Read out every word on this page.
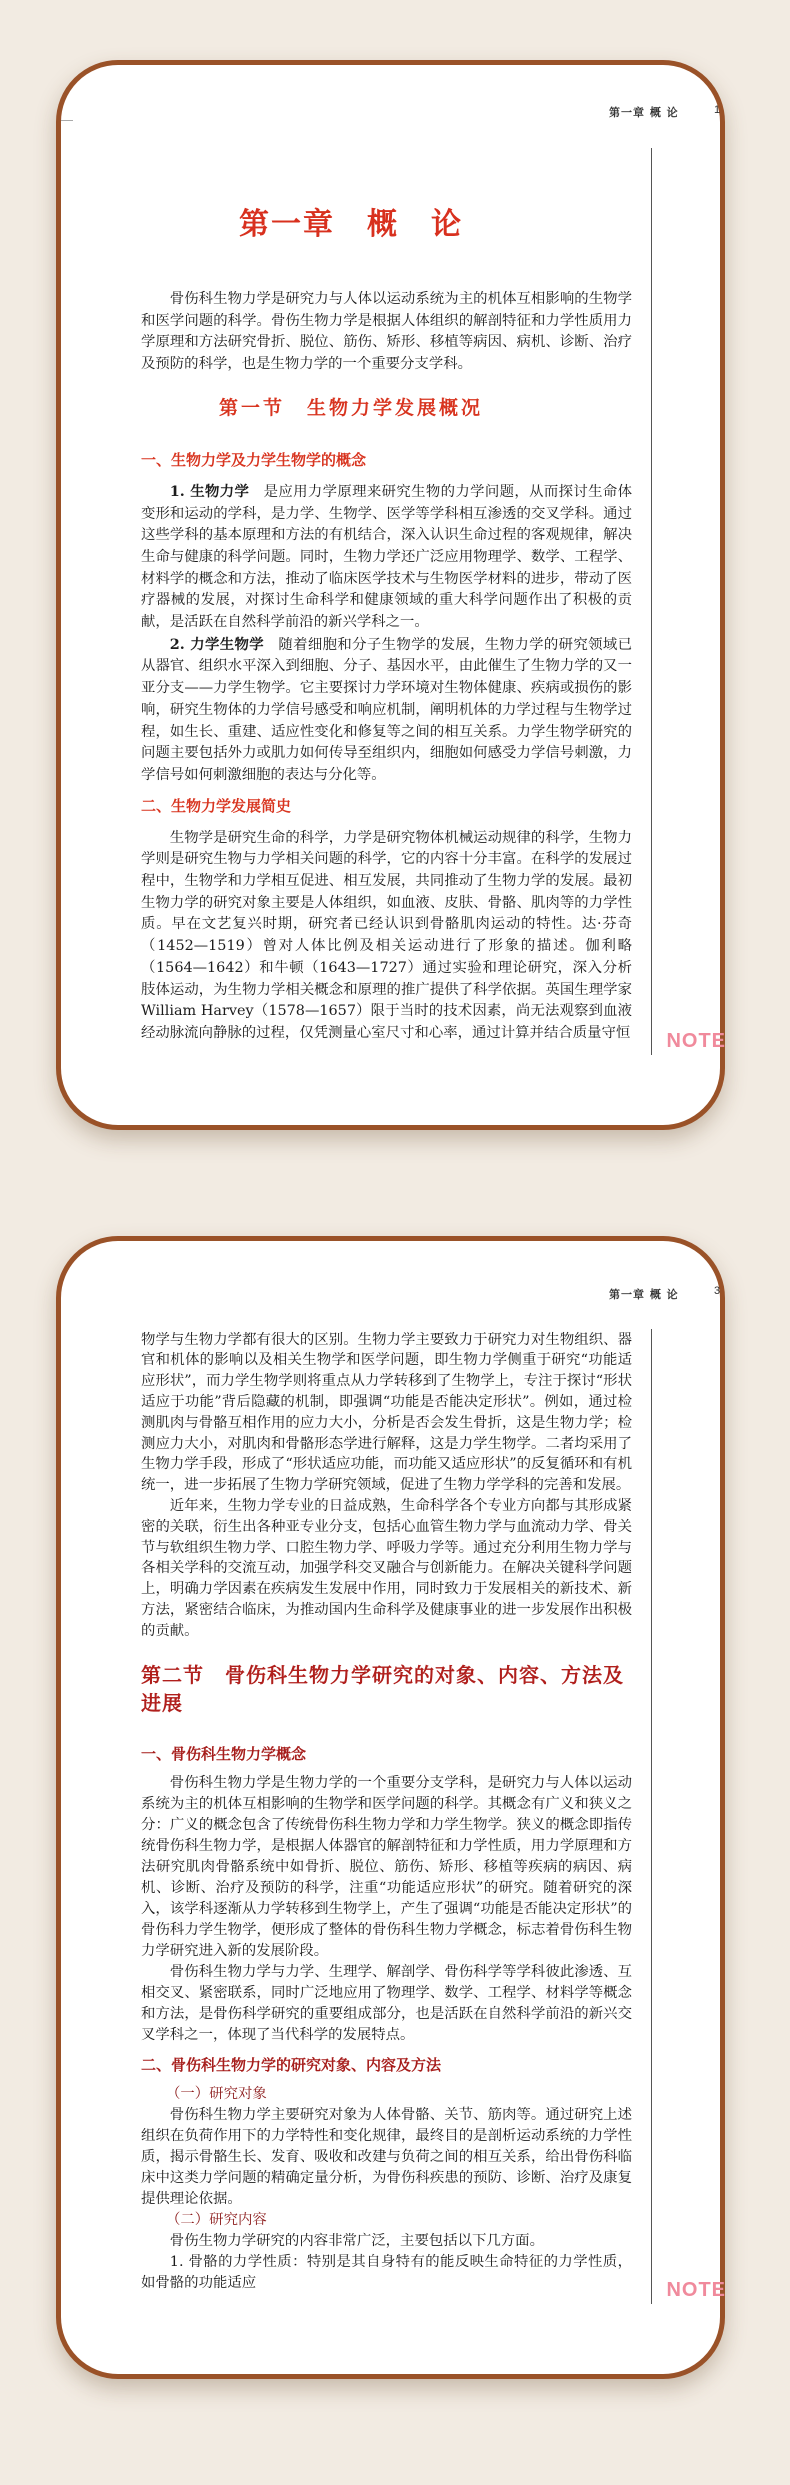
第一章 概 论	1
第一章　概　论

骨伤科生物力学是研究力与人体以运动系统为主的机体互相影响的生物学和医学问题的科学。骨伤生物力学是根据人体组织的解剖特征和力学性质用力学原理和方法研究骨折、脱位、筋伤、矫形、移植等病因、病机、诊断、治疗及预防的科学，也是生物力学的一个重要分支学科。

第一节　生物力学发展概况
一、生物力学及力学生物学的概念

1. 生物力学 是应用力学原理来研究生物的力学问题，从而探讨生命体变形和运动的学科，是力学、生物学、医学等学科相互渗透的交叉学科。通过这些学科的基本原理和方法的有机结合，深入认识生命过程的客观规律，解决生命与健康的科学问题。同时，生物力学还广泛应用物理学、数学、工程学、材料学的概念和方法，推动了临床医学技术与生物医学材料的进步，带动了医疗器械的发展，对探讨生命科学和健康领域的重大科学问题作出了积极的贡献，是活跃在自然科学前沿的新兴学科之一。

2. 力学生物学 随着细胞和分子生物学的发展，生物力学的研究领域已从器官、组织水平深入到细胞、分子、基因水平，由此催生了生物力学的又一亚分支——力学生物学。它主要探讨力学环境对生物体健康、疾病或损伤的影响，研究生物体的力学信号感受和响应机制，阐明机体的力学过程与生物学过程，如生长、重建、适应性变化和修复等之间的相互关系。力学生物学研究的问题主要包括外力或肌力如何传导至组织内，细胞如何感受力学信号刺激，力学信号如何刺激细胞的表达与分化等。

二、生物力学发展简史

生物学是研究生命的科学，力学是研究物体机械运动规律的科学，生物力学则是研究生物与力学相关问题的科学，它的内容十分丰富。在科学的发展过程中，生物学和力学相互促进、相互发展，共同推动了生物力学的发展。最初生物力学的研究对象主要是人体组织，如血液、皮肤、骨骼、肌肉等的力学性质。早在文艺复兴时期，研究者已经认识到骨骼肌肉运动的特性。达·芬奇（1452—1519）曾对人体比例及相关运动进行了形象的描述。伽利略（1564—1642）和牛顿（1643—1727）通过实验和理论研究，深入分析肢体运动，为生物力学相关概念和原理的推广提供了科学依据。英国生理学家 William Harvey（1578—1657）限于当时的技术因素，尚无法观察到血液经动脉流向静脉的过程，仅凭测量心室尺寸和心率，通过计算并结合质量守恒 NOTE
第一章 概 论	3

物学与生物力学都有很大的区别。生物力学主要致力于研究力对生物组织、器官和机体的影响以及相关生物学和医学问题，即生物力学侧重于研究“功能适应形状”，而力学生物学则将重点从力学转移到了生物学上，专注于探讨“形状适应于功能”背后隐藏的机制，即强调“功能是否能决定形状”。例如，通过检测肌肉与骨骼互相作用的应力大小，分析是否会发生骨折，这是生物力学；检测应力大小，对肌肉和骨骼形态学进行解释，这是力学生物学。二者均采用了生物力学手段，形成了“形状适应功能，而功能又适应形状”的反复循环和有机统一，进一步拓展了生物力学研究领域，促进了生物力学学科的完善和发展。

近年来，生物力学专业的日益成熟，生命科学各个专业方向都与其形成紧密的关联，衍生出各种亚专业分支，包括心血管生物力学与血流动力学、骨关节与软组织生物力学、口腔生物力学、呼吸力学等。通过充分利用生物力学与各相关学科的交流互动，加强学科交叉融合与创新能力。在解决关键科学问题上，明确力学因素在疾病发生发展中作用，同时致力于发展相关的新技术、新方法，紧密结合临床，为推动国内生命科学及健康事业的进一步发展作出积极的贡献。

第二节　骨伤科生物力学研究的对象、内容、方法及进展
一、骨伤科生物力学概念

骨伤科生物力学是生物力学的一个重要分支学科，是研究力与人体以运动系统为主的机体互相影响的生物学和医学问题的科学。其概念有广义和狭义之分：广义的概念包含了传统骨伤科生物力学和力学生物学。狭义的概念即指传统骨伤科生物力学，是根据人体器官的解剖特征和力学性质，用力学原理和方法研究肌肉骨骼系统中如骨折、脱位、筋伤、矫形、移植等疾病的病因、病机、诊断、治疗及预防的科学，注重“功能适应形状”的研究。随着研究的深入，该学科逐渐从力学转移到生物学上，产生了强调“功能是否能决定形状”的骨伤科力学生物学，便形成了整体的骨伤科生物力学概念，标志着骨伤科生物力学研究进入新的发展阶段。

骨伤科生物力学与力学、生理学、解剖学、骨伤科学等学科彼此渗透、互相交叉、紧密联系，同时广泛地应用了物理学、数学、工程学、材料学等概念和方法，是骨伤科学研究的重要组成部分，也是活跃在自然科学前沿的新兴交叉学科之一，体现了当代科学的发展特点。

二、骨伤科生物力学的研究对象、内容及方法
（一）研究对象

骨伤科生物力学主要研究对象为人体骨骼、关节、筋肉等。通过研究上述组织在负荷作用下的力学特性和变化规律，最终目的是剖析运动系统的力学性质，揭示骨骼生长、发育、吸收和改建与负荷之间的相互关系，给出骨伤科临床中这类力学问题的精确定量分析，为骨伤科疾患的预防、诊断、治疗及康复提供理论依据。

（二）研究内容

骨伤生物力学研究的内容非常广泛，主要包括以下几方面。

1. 骨骼的力学性质：特别是其自身特有的能反映生命特征的力学性质，如骨骼的功能适应	NOTE
